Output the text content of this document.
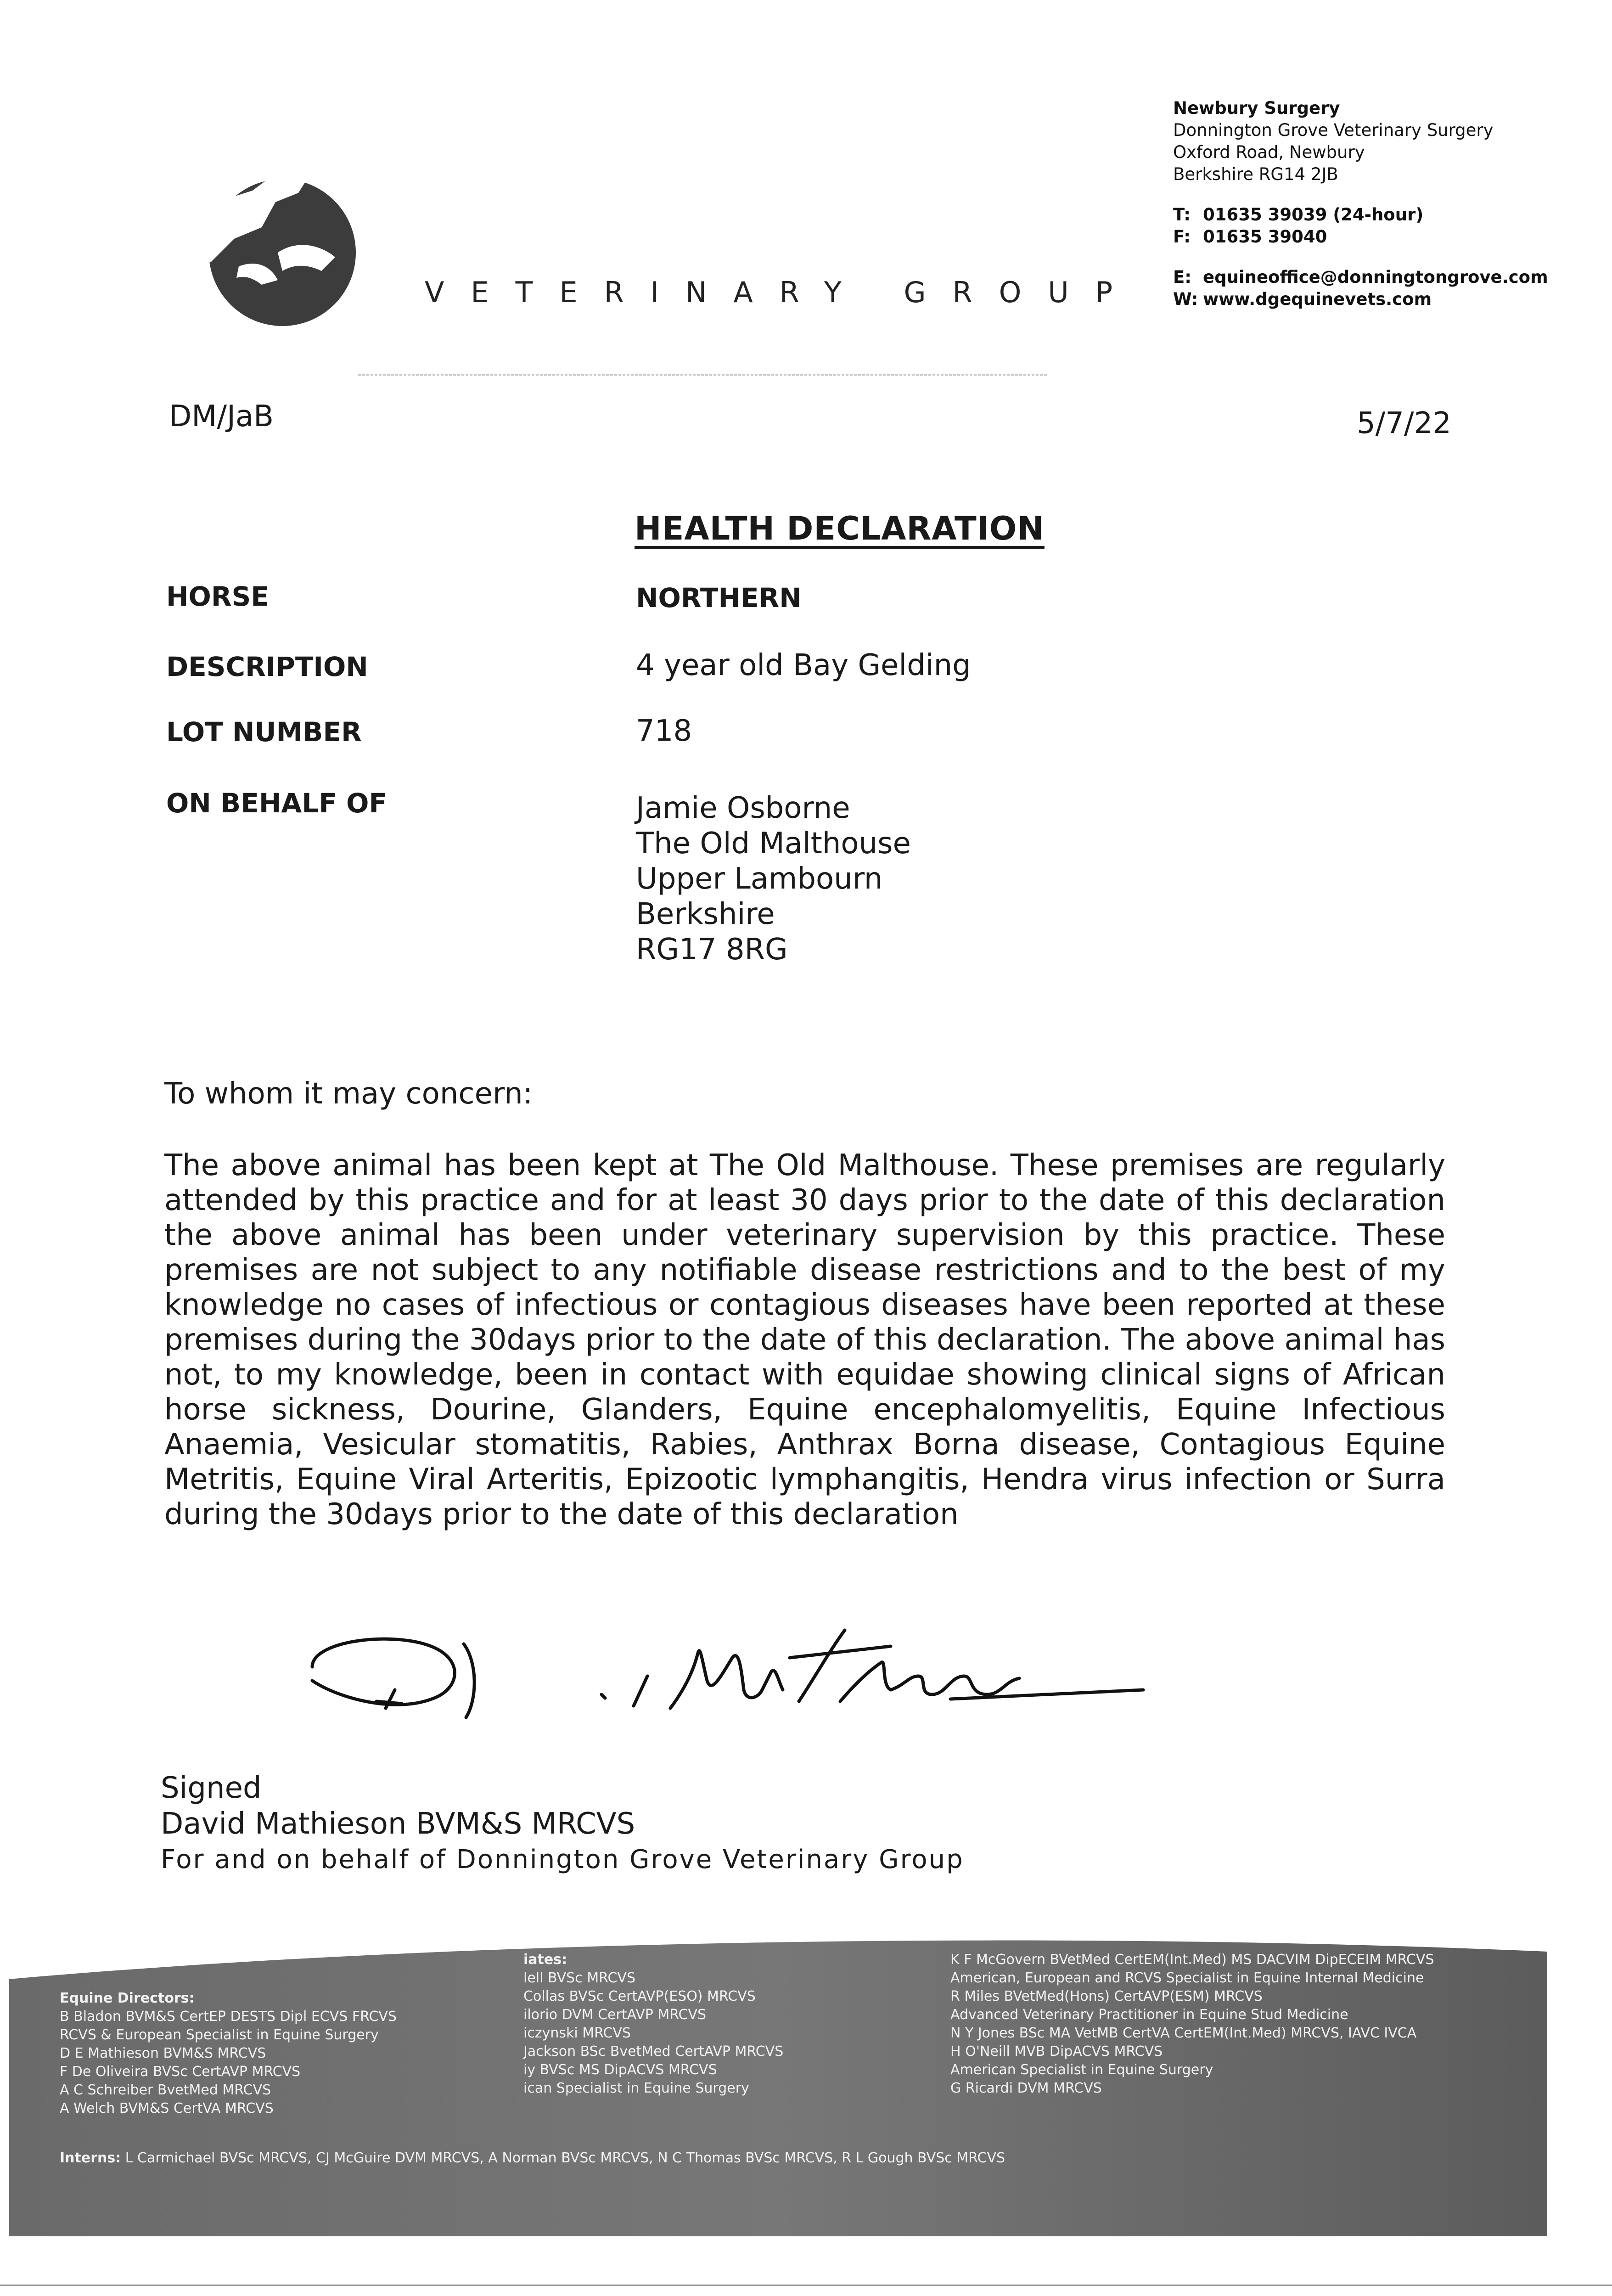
VETERINARY GROUP
Newbury Surgery
Donnington Grove Veterinary Surgery
Oxford Road, Newbury
Berkshire RG14 2JB
T: 01635 39039 (24-hour)
F: 01635 39040
E: equineoffice@donningtongrove.com
W: www.dgequinevets.com
DM/JaB	5/7/22
HEALTH DECLARATION
HORSE	NORTHERN
DESCRIPTION	4 year old Bay Gelding
LOT NUMBER	718
ON BEHALF OF	Jamie Osborne
The Old Malthouse
Upper Lambourn
Berkshire
RG17 8RG
To whom it may concern:
The above animal has been kept at The Old Malthouse. These premises are regularly attended by this practice and for at least 30 days prior to the date of this declaration the above animal has been under veterinary supervision by this practice. These premises are not subject to any notifiable disease restrictions and to the best of my knowledge no cases of infectious or contagious diseases have been reported at these premises during the 30days prior to the date of this declaration. The above animal has not, to my knowledge, been in contact with equidae showing clinical signs of African horse sickness, Dourine, Glanders, Equine encephalomyelitis, Equine Infectious Anaemia, Vesicular stomatitis, Rabies, Anthrax Borna disease, Contagious Equine Metritis, Equine Viral Arteritis, Epizootic lymphangitis, Hendra virus infection or Surra during the 30days prior to the date of this declaration
Signed
David Mathieson BVM&S MRCVS
For and on behalf of Donnington Grove Veterinary Group
Equine Directors:
B Bladon BVM&S CertEP DESTS Dipl ECVS FRCVS
RCVS & European Specialist in Equine Surgery
D E Mathieson BVM&S MRCVS
F De Oliveira BVSc CertAVP MRCVS
A C Schreiber BvetMed MRCVS
A Welch BVM&S CertVA MRCVS
iates:
lell BVSc MRCVS
Collas BVSc CertAVP(ESO) MRCVS
ilorio DVM CertAVP MRCVS
iczynski MRCVS
Jackson BSc BvetMed CertAVP MRCVS
iy BVSc MS DipACVS MRCVS
ican Specialist in Equine Surgery
K F McGovern BVetMed CertEM(Int.Med) MS DACVIM DipECEIM MRCVS
American, European and RCVS Specialist in Equine Internal Medicine
R Miles BVetMed(Hons) CertAVP(ESM) MRCVS
Advanced Veterinary Practitioner in Equine Stud Medicine
N Y Jones BSc MA VetMB CertVA CertEM(Int.Med) MRCVS, IAVC IVCA
H O'Neill MVB DipACVS MRCVS
American Specialist in Equine Surgery
G Ricardi DVM MRCVS
Interns: L Carmichael BVSc MRCVS, CJ McGuire DVM MRCVS, A Norman BVSc MRCVS, N C Thomas BVSc MRCVS, R L Gough BVSc MRCVS
